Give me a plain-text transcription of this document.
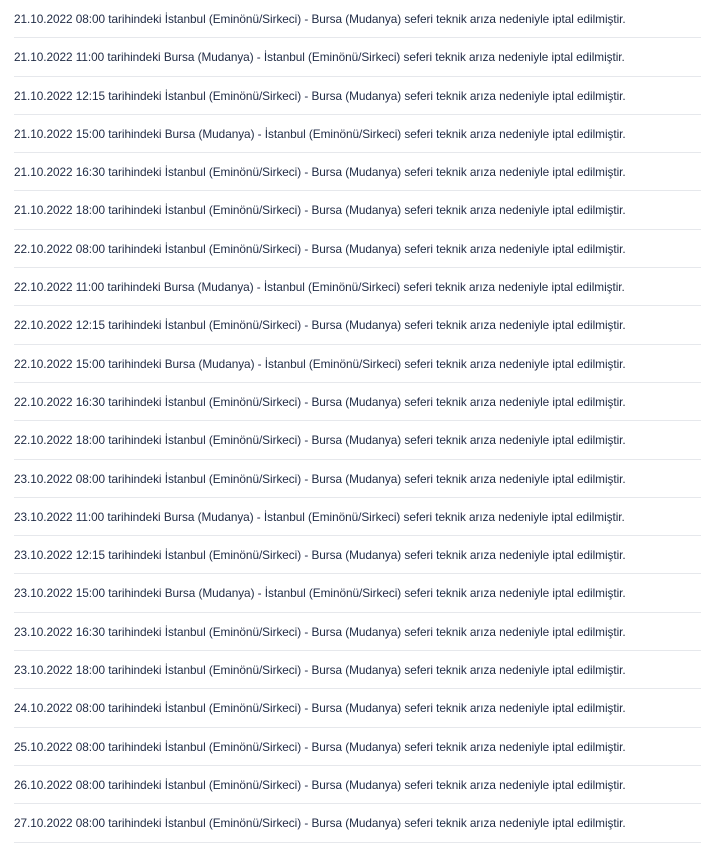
21.10.2022 08:00 tarihindeki İstanbul (Eminönü/Sirkeci) - Bursa (Mudanya) seferi teknik arıza nedeniyle iptal edilmiştir.
21.10.2022 11:00 tarihindeki Bursa (Mudanya) - İstanbul (Eminönü/Sirkeci) seferi teknik arıza nedeniyle iptal edilmiştir.
21.10.2022 12:15 tarihindeki İstanbul (Eminönü/Sirkeci) - Bursa (Mudanya) seferi teknik arıza nedeniyle iptal edilmiştir.
21.10.2022 15:00 tarihindeki Bursa (Mudanya) - İstanbul (Eminönü/Sirkeci) seferi teknik arıza nedeniyle iptal edilmiştir.
21.10.2022 16:30 tarihindeki İstanbul (Eminönü/Sirkeci) - Bursa (Mudanya) seferi teknik arıza nedeniyle iptal edilmiştir.
21.10.2022 18:00 tarihindeki İstanbul (Eminönü/Sirkeci) - Bursa (Mudanya) seferi teknik arıza nedeniyle iptal edilmiştir.
22.10.2022 08:00 tarihindeki İstanbul (Eminönü/Sirkeci) - Bursa (Mudanya) seferi teknik arıza nedeniyle iptal edilmiştir.
22.10.2022 11:00 tarihindeki Bursa (Mudanya) - İstanbul (Eminönü/Sirkeci) seferi teknik arıza nedeniyle iptal edilmiştir.
22.10.2022 12:15 tarihindeki İstanbul (Eminönü/Sirkeci) - Bursa (Mudanya) seferi teknik arıza nedeniyle iptal edilmiştir.
22.10.2022 15:00 tarihindeki Bursa (Mudanya) - İstanbul (Eminönü/Sirkeci) seferi teknik arıza nedeniyle iptal edilmiştir.
22.10.2022 16:30 tarihindeki İstanbul (Eminönü/Sirkeci) - Bursa (Mudanya) seferi teknik arıza nedeniyle iptal edilmiştir.
22.10.2022 18:00 tarihindeki İstanbul (Eminönü/Sirkeci) - Bursa (Mudanya) seferi teknik arıza nedeniyle iptal edilmiştir.
23.10.2022 08:00 tarihindeki İstanbul (Eminönü/Sirkeci) - Bursa (Mudanya) seferi teknik arıza nedeniyle iptal edilmiştir.
23.10.2022 11:00 tarihindeki Bursa (Mudanya) - İstanbul (Eminönü/Sirkeci) seferi teknik arıza nedeniyle iptal edilmiştir.
23.10.2022 12:15 tarihindeki İstanbul (Eminönü/Sirkeci) - Bursa (Mudanya) seferi teknik arıza nedeniyle iptal edilmiştir.
23.10.2022 15:00 tarihindeki Bursa (Mudanya) - İstanbul (Eminönü/Sirkeci) seferi teknik arıza nedeniyle iptal edilmiştir.
23.10.2022 16:30 tarihindeki İstanbul (Eminönü/Sirkeci) - Bursa (Mudanya) seferi teknik arıza nedeniyle iptal edilmiştir.
23.10.2022 18:00 tarihindeki İstanbul (Eminönü/Sirkeci) - Bursa (Mudanya) seferi teknik arıza nedeniyle iptal edilmiştir.
24.10.2022 08:00 tarihindeki İstanbul (Eminönü/Sirkeci) - Bursa (Mudanya) seferi teknik arıza nedeniyle iptal edilmiştir.
25.10.2022 08:00 tarihindeki İstanbul (Eminönü/Sirkeci) - Bursa (Mudanya) seferi teknik arıza nedeniyle iptal edilmiştir.
26.10.2022 08:00 tarihindeki İstanbul (Eminönü/Sirkeci) - Bursa (Mudanya) seferi teknik arıza nedeniyle iptal edilmiştir.
27.10.2022 08:00 tarihindeki İstanbul (Eminönü/Sirkeci) - Bursa (Mudanya) seferi teknik arıza nedeniyle iptal edilmiştir.
